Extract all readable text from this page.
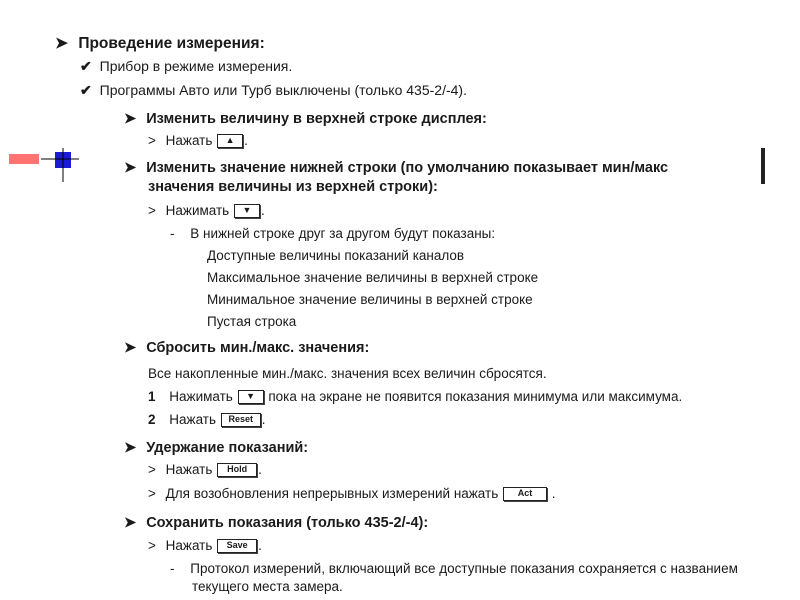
➤ Проведение измерения:
✔ Прибор в режиме измерения.
✔ Программы Авто или Турб выключены (только 435-2/-4).
➤ Изменить величину в верхней строке дисплея:
> Нажать ▲ .
➤ Изменить значение нижней строки (по умолчанию показывает мин/макс
значения величины из верхней строки):
> Нажимать ▼ .
- В нижней строке друг за другом будут показаны:
Доступные величины показаний каналов
Максимальное значение величины в верхней строке
Минимальное значение величины в верхней строке
Пустая строка
➤ Сбросить мин./макс. значения:
Все накопленные мин./макс. значения всех величин сбросятся.
1 Нажимать ▼ пока на экране не появится показания минимума или максимума.
2 Нажать Reset .
➤ Удержание показаний:
> Нажать Hold .
> Для возобновления непрерывных измерений нажать Act .
➤ Сохранить показания (только 435-2/-4):
> Нажать Save .
- Протокол измерений, включающий все доступные показания сохраняется с названием
текущего места замера.
